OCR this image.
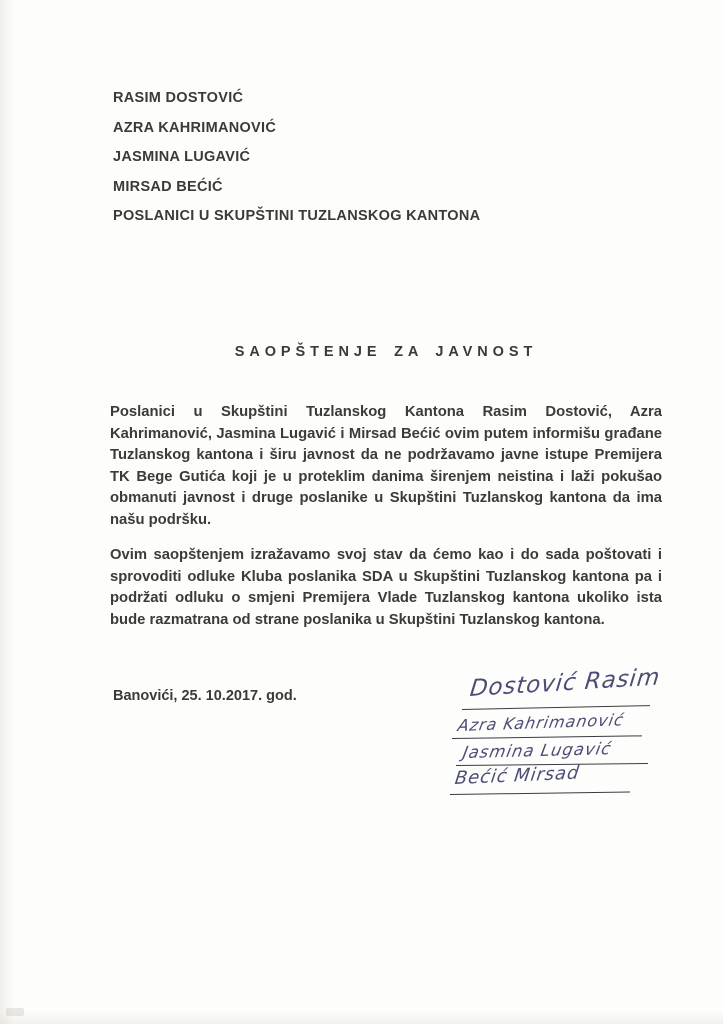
RASIM DOSTOVIĆ
AZRA KAHRIMANOVIĆ
JASMINA LUGAVIĆ
MIRSAD BEĆIĆ
POSLANICI U SKUPŠTINI TUZLANSKOG KANTONA
SAOPŠTENJE ZA JAVNOST

Poslanici u Skupštini Tuzlanskog Kantona Rasim Dostović, Azra Kahrimanović, Jasmina Lugavić i Mirsad Bećić ovim putem informišu građane Tuzlanskog kantona i širu javnost da ne podržavamo javne istupe Premijera TK Bege Gutića koji je u proteklim danima širenjem neistina i laži pokušao obmanuti javnost i druge poslanike u Skupštini Tuzlanskog kantona da ima našu podršku.

Ovim saopštenjem izražavamo svoj stav da ćemo kao i do sada poštovati i sprovoditi odluke Kluba poslanika SDA u Skupštini Tuzlanskog kantona pa i podržati odluku o smjeni Premijera Vlade Tuzlanskog kantona ukoliko ista bude razmatrana od strane poslanika u Skupštini Tuzlanskog kantona.

Banovići, 25. 10.2017. god.	Dostović Rasim
Azra Kahrimanović
Jasmina Lugavić
Bećić Mirsad
